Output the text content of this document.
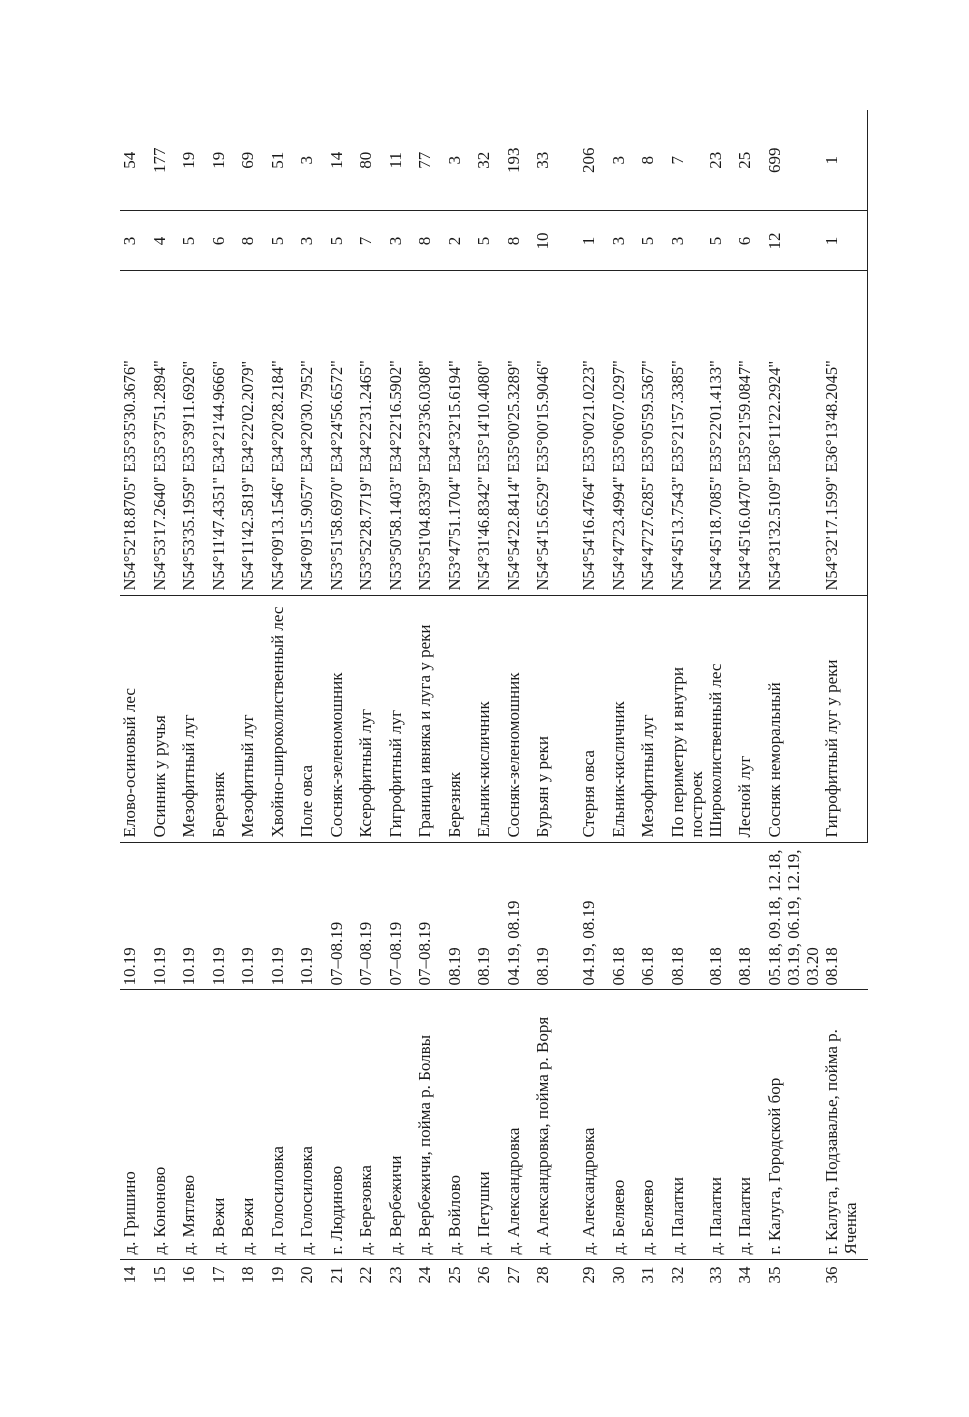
14	д. Гришино	10.19	Елово-осиновый лес	N54°52'18.8705" E35°35'30.3676"	3	54
15	д. Кононово	10.19	Осинник у ручья	N54°53'17.2640" E35°37'51.2894"	4	177
16	д. Мятлево	10.19	Мезофитный луг	N54°53'35.1959" E35°39'11.6926"	5	19
17	д. Вежи	10.19	Березняк	N54°11'47.4351" E34°21'44.9666"	6	19
18	д. Вежи	10.19	Мезофитный луг	N54°11'42.5819" E34°22'02.2079"	8	69
19	д. Голосиловка	10.19	Хвойно-широколиственный лес	N54°09'13.1546" E34°20'28.2184"	5	51
20	д. Голосиловка	10.19	Поле овса	N54°09'15.9057" E34°20'30.7952"	3	3
21	г. Людиново	07–08.19	Сосняк-зеленомошник	N53°51'58.6970" E34°24'56.6572"	5	14
22	д. Березовка	07–08.19	Ксерофитный луг	N53°52'28.7719" E34°22'31.2465"	7	80
23	д. Вербежичи	07–08.19	Гигрофитный луг	N53°50'58.1403" E34°22'16.5902"	3	11
24	д. Вербежичи, пойма р. Болвы	07–08.19	Граница ивняка и луга у реки	N53°51'04.8339" E34°23'36.0308"	8	77
25	д. Войлово	08.19	Березняк	N53°47'51.1704" E34°32'15.6194"	2	3
26	д. Петушки	08.19	Ельник-кисличник	N54°31'46.8342" E35°14'10.4080"	5	32
27	д. Александровка	04.19, 08.19	Сосняк-зеленомошник	N54°54'22.8414" E35°00'25.3289"	8	193
28	д. Александровка, пойма р. Воря	08.19	Бурьян у реки	N54°54'15.6529" E35°00'15.9046"	10	33
29	д. Александровка	04.19, 08.19	Стерня овса	N54°54'16.4764" E35°00'21.0223"	1	206
30	д. Беляево	06.18	Ельник-кисличник	N54°47'23.4994" E35°06'07.0297"	3	3
31	д. Беляево	06.18	Мезофитный луг	N54°47'27.6285" E35°05'59.5367"	5	8
32	д. Палатки	08.18	По периметру и внутри построек	N54°45'13.7543" E35°21'57.3385"	3	7
33	д. Палатки	08.18	Широколиственный лес	N54°45'18.7085" E35°22'01.4133"	5	23
34	д. Палатки	08.18	Лесной луг	N54°45'16.0470" E35°21'59.0847"	6	25
35	г. Калуга, Городской бор	05.18, 09.18, 12.18, 03.19, 06.19, 12.19, 03.20	Сосняк неморальный	N54°31'32.5109" E36°11'22.2924"	12	699
36	г. Калуга, Подзавалье, пойма р. Яченка	08.18	Гигрофитный луг у реки	N54°32'17.1599" E36°13'48.2045"	1	1
